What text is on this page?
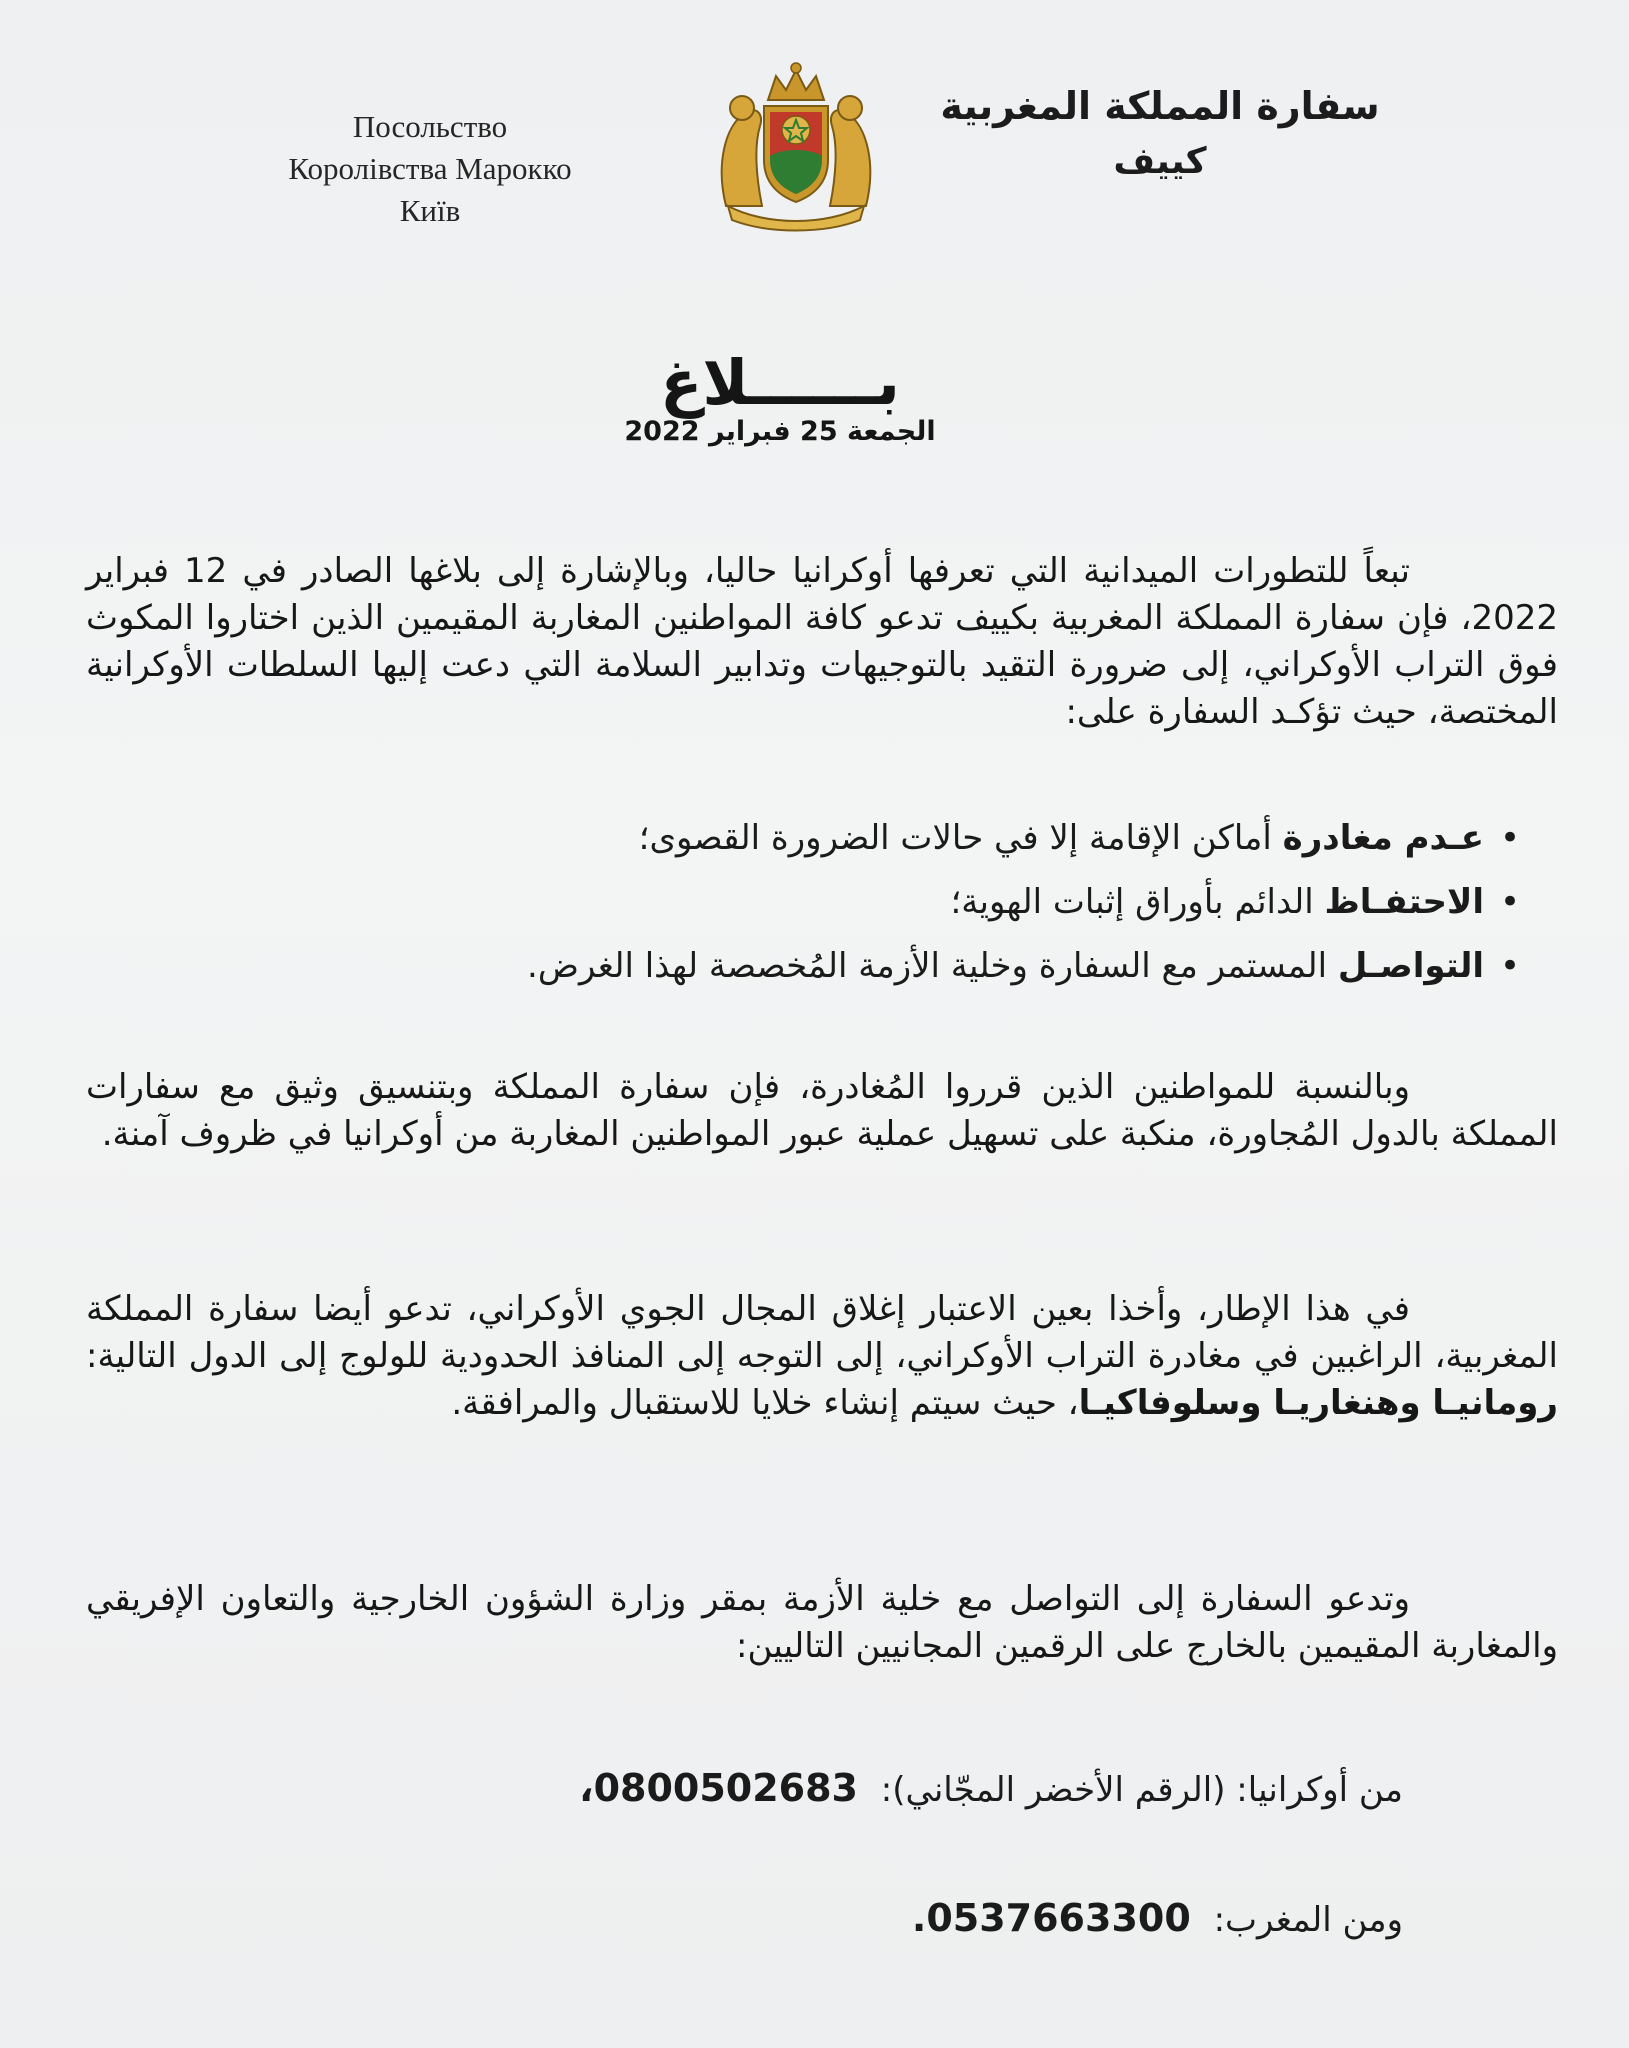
Посольство
Королівства Марокко
Київ
سفارة المملكة المغربية
كييف
بــــــلاغ
الجمعة 25 فبراير 2022

تبعاً للتطورات الميدانية التي تعرفها أوكرانيا حاليا، وبالإشارة إلى بلاغها الصادر في 12 فبراير 2022، فإن سفارة المملكة المغربية بكييف تدعو كافة المواطنين المغاربة المقيمين الذين اختاروا المكوث فوق التراب الأوكراني، إلى ضرورة التقيد بالتوجيهات وتدابير السلامة التي دعت إليها السلطات الأوكرانية المختصة، حيث تؤكـد السفارة على:

•
عـدم مغادرة أماكن الإقامة إلا في حالات الضرورة القصوى؛
•
الاحتفـاظ الدائم بأوراق إثبات الهوية؛
•
التواصـل المستمر مع السفارة وخلية الأزمة المُخصصة لهذا الغرض.

وبالنسبة للمواطنين الذين قرروا المُغادرة، فإن سفارة المملكة وبتنسيق وثيق مع سفارات المملكة بالدول المُجاورة، منكبة على تسهيل عملية عبور المواطنين المغاربة من أوكرانيا في ظروف آمنة.

في هذا الإطار، وأخذا بعين الاعتبار إغلاق المجال الجوي الأوكراني، تدعو أيضا سفارة المملكة المغربية، الراغبين في مغادرة التراب الأوكراني، إلى التوجه إلى المنافذ الحدودية للولوج إلى الدول التالية: رومانيـا وهنغاريـا وسلوفاكيـا، حيث سيتم إنشاء خلايا للاستقبال والمرافقة.

وتدعو السفارة إلى التواصل مع خلية الأزمة بمقر وزارة الشؤون الخارجية والتعاون الإفريقي والمغاربة المقيمين بالخارج على الرقمين المجانيين التاليين:

من أوكرانيا: (الرقم الأخضر المجّاني): 0800502683،
ومن المغرب: 0537663300.
